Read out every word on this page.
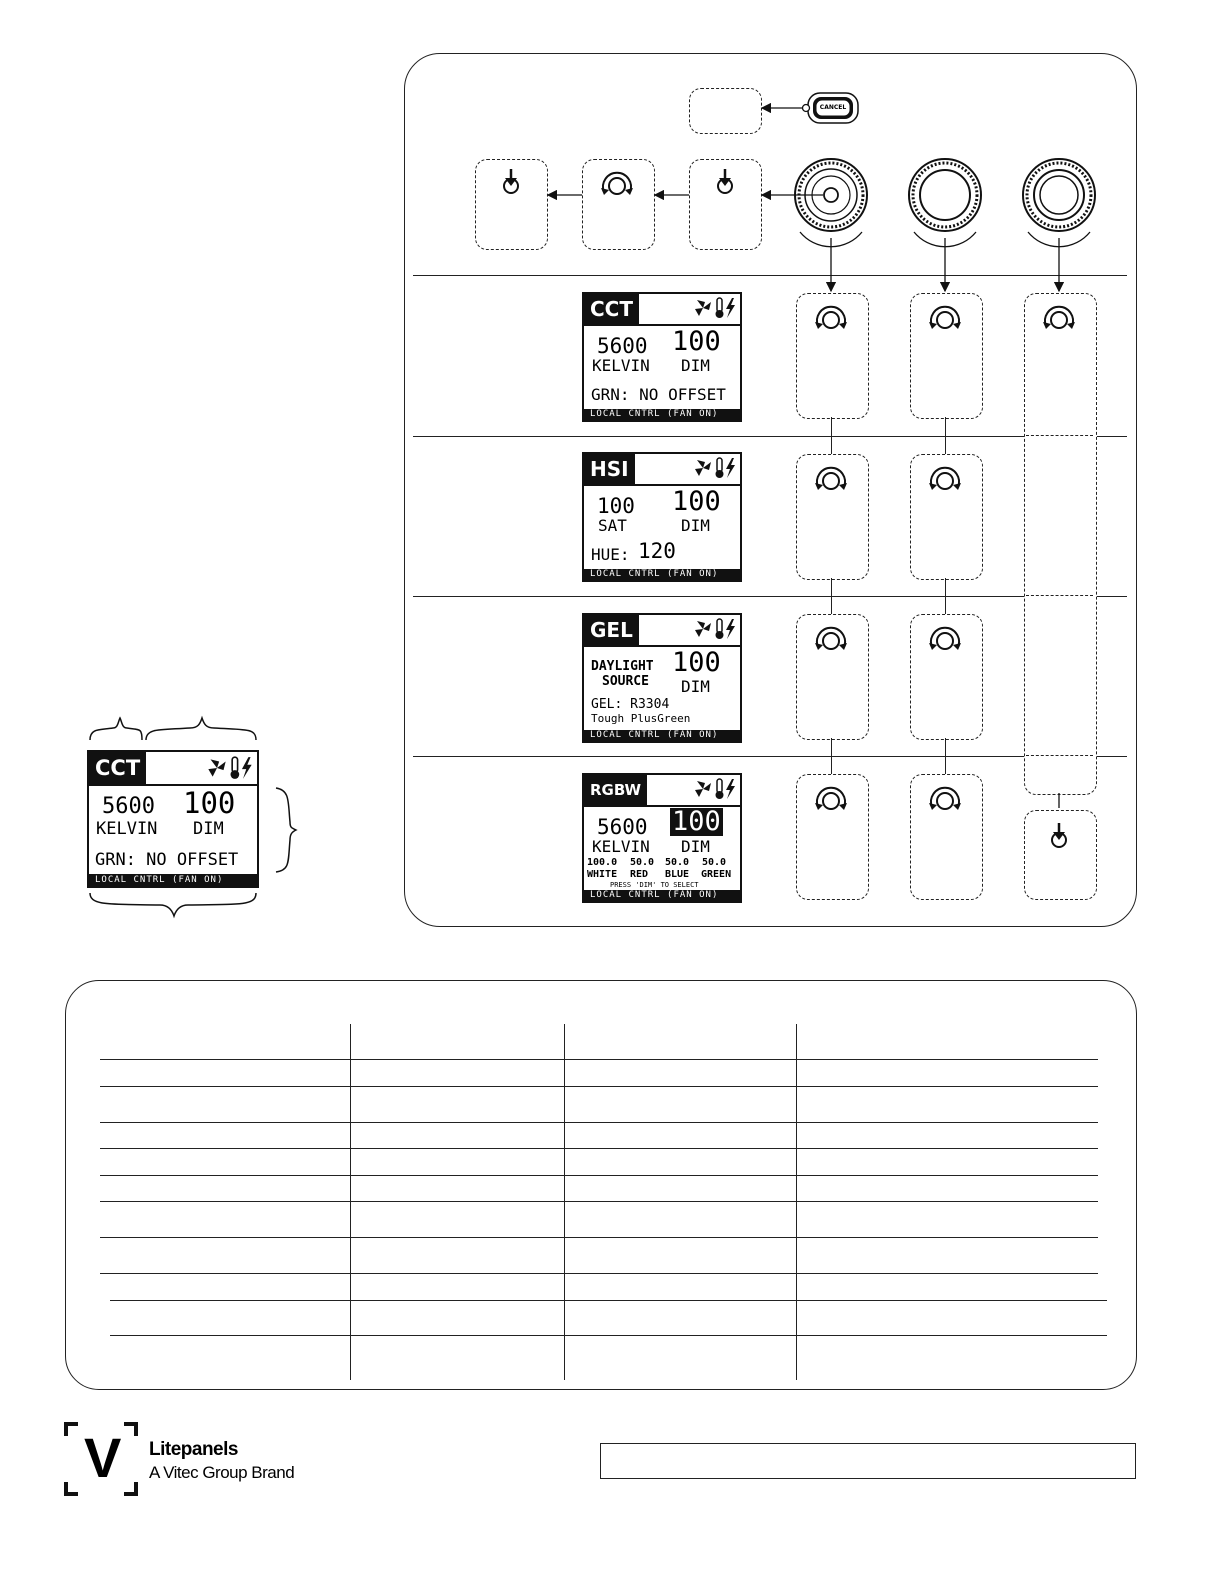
CANCEL
CCT
100
5600
KELVIN DIM
GRN: NO OFFSET
LOCAL CNTRL (FAN ON)
HSI
100
100
SAT	DIM
HUE: 120
LOCAL CNTRL (FAN ON)
GEL
DAYLIGHT
SOURCE
100
DIM
GEL: R3304
Tough PlusGreen
LOCAL CNTRL (FAN ON)
RGBW
5600 100
KELVIN DIM
100.0 50.0 50.0 50.0
WHITE RED BLUE GREEN
PRESS 'DIM' TO SELECT
LOCAL CNTRL (FAN ON)
CCT
5600 100
KELVIN DIM
GRN: NO OFFSET
LOCAL CNTRL (FAN ON)
V Litepanels
A Vitec Group Brand
